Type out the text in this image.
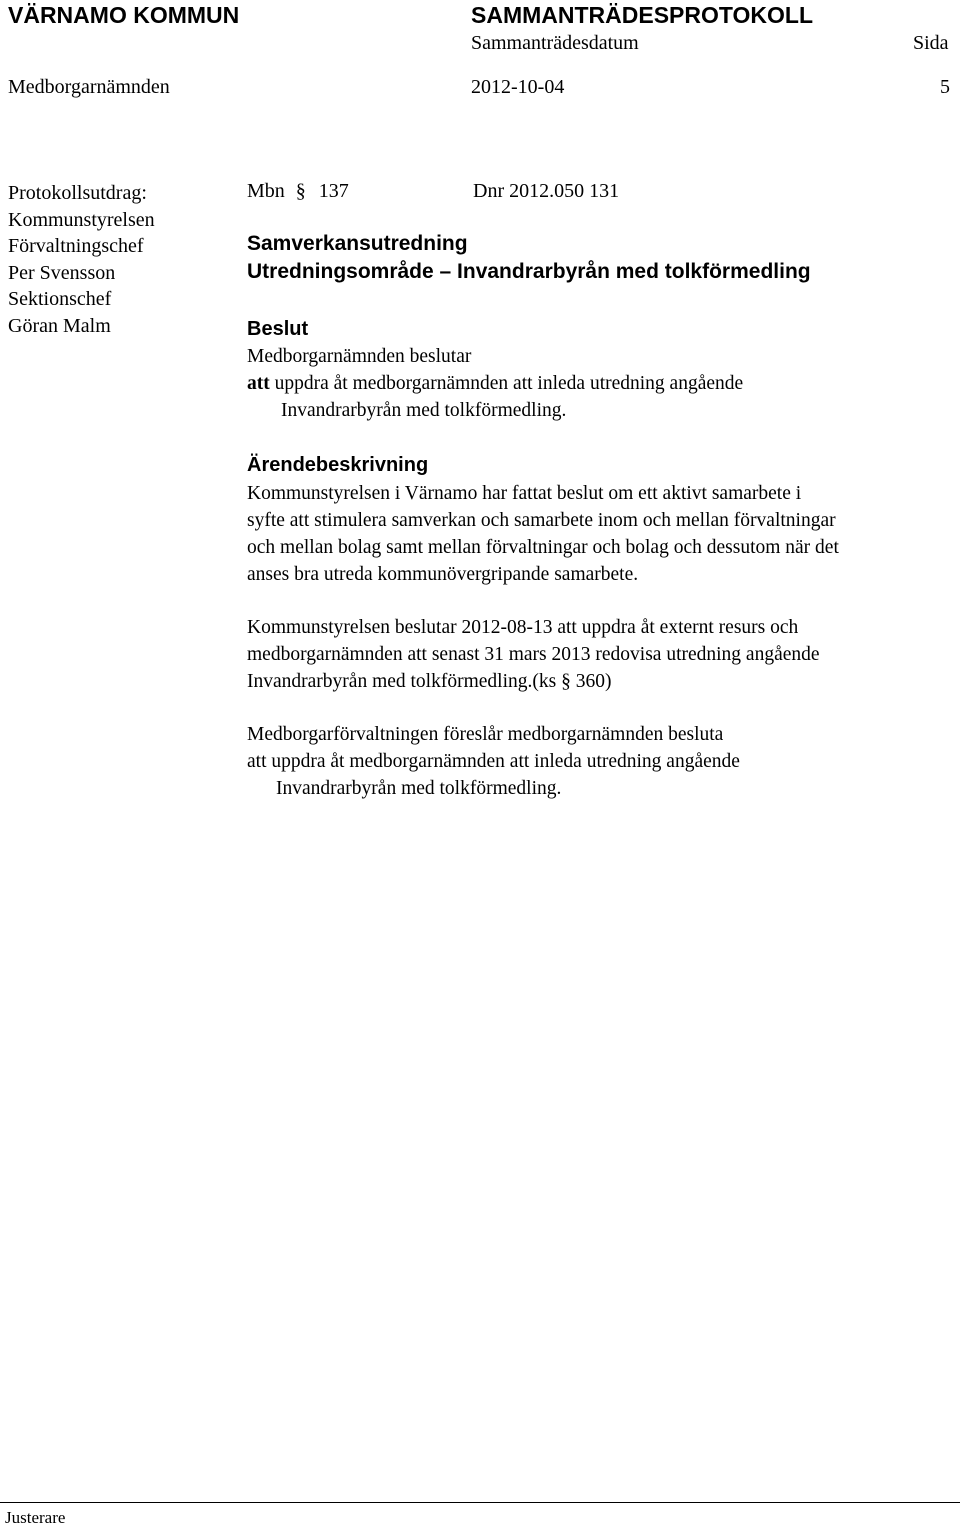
VÄRNAMO KOMMUN	SAMMANTRÄDESPROTOKOLL
Sammanträdesdatum	Sida
Medborgarnämnden	2012-10-04	5
Protokollsutdrag:
Kommunstyrelsen
Förvaltningschef
Per Svensson
Sektionschef
Göran Malm
Mbn § 137	Dnr 2012.050 131
Samverkansutredning
Utredningsområde – Invandrarbyrån med tolkförmedling
Beslut
Medborgarnämnden beslutar
att uppdra åt medborgarnämnden att inleda utredning angående
Invandrarbyrån med tolkförmedling.
Ärendebeskrivning
Kommunstyrelsen i Värnamo har fattat beslut om ett aktivt samarbete i
syfte att stimulera samverkan och samarbete inom och mellan förvaltningar
och mellan bolag samt mellan förvaltningar och bolag och dessutom när det
anses bra utreda kommunövergripande samarbete.
Kommunstyrelsen beslutar 2012-08-13 att uppdra åt externt resurs och
medborgarnämnden att senast 31 mars 2013 redovisa utredning angående
Invandrarbyrån med tolkförmedling.(ks § 360)
Medborgarförvaltningen föreslår medborgarnämnden besluta
att uppdra åt medborgarnämnden att inleda utredning angående
Invandrarbyrån med tolkförmedling.
Justerare
